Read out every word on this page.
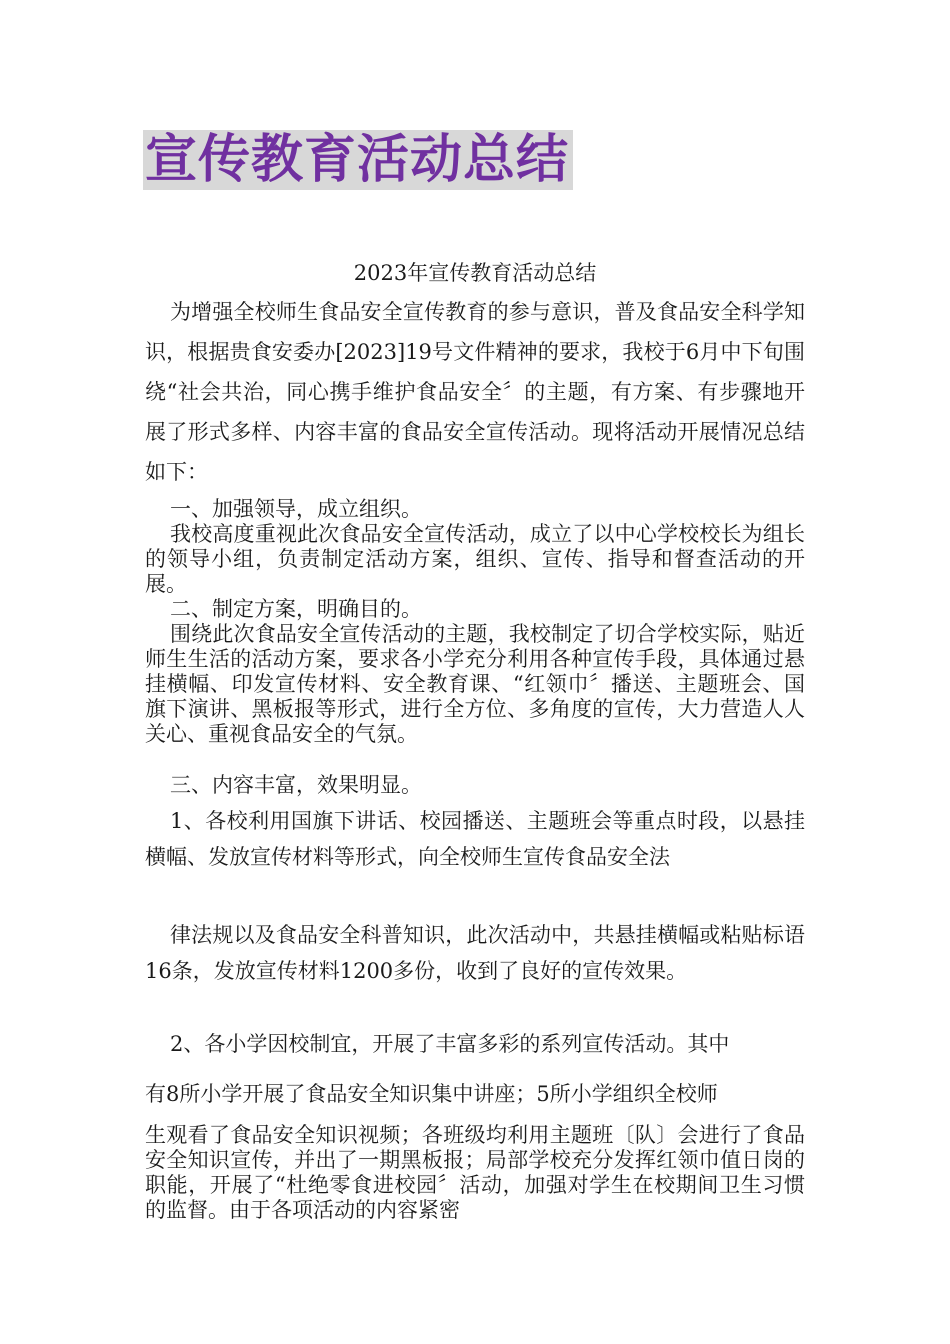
宣传教育活动总结
2023年宣传教育活动总结

为增强全校师生食品安全宣传教育的参与意识，普及食品安全科学知识，根据贵食安委办[2023]19号文件精神的要求，我校于6月中下旬围绕“社会共治，同心携手维护食品安全〞的主题，有方案、有步骤地开展了形式多样、内容丰富的食品安全宣传活动。现将活动开展情况总结如下：

一、加强领导，成立组织。

我校高度重视此次食品安全宣传活动，成立了以中心学校校长为组长的领导小组，负责制定活动方案，组织、宣传、指导和督查活动的开展。

二、制定方案，明确目的。

围绕此次食品安全宣传活动的主题，我校制定了切合学校实际，贴近师生生活的活动方案，要求各小学充分利用各种宣传手段，具体通过悬挂横幅、印发宣传材料、安全教育课、“红领巾〞播送、主题班会、国旗下演讲、黑板报等形式，进行全方位、多角度的宣传，大力营造人人关心、重视食品安全的气氛。

三、内容丰富，效果明显。

1、各校利用国旗下讲话、校园播送、主题班会等重点时段，以悬挂横幅、发放宣传材料等形式，向全校师生宣传食品安全法

律法规以及食品安全科普知识，此次活动中，共悬挂横幅或粘贴标语16条，发放宣传材料1200多份，收到了良好的宣传效果。

2、各小学因校制宜，开展了丰富多彩的系列宣传活动。其中

有8所小学开展了食品安全知识集中讲座；5所小学组织全校师

生观看了食品安全知识视频；各班级均利用主题班〔队〕会进行了食品安全知识宣传，并出了一期黑板报；局部学校充分发挥红领巾值日岗的职能，开展了“杜绝零食进校园〞活动，加强对学生在校期间卫生习惯的监督。由于各项活动的内容紧密
